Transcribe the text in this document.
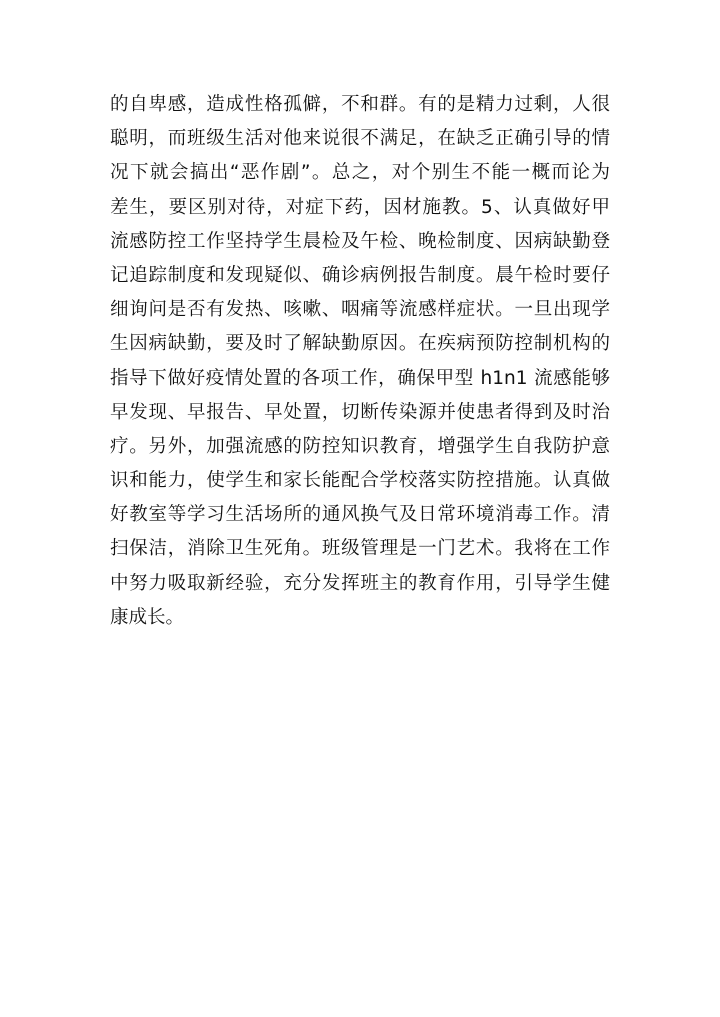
的自卑感，造成性格孤僻，不和群。有的是精力过剩，人很
聪明，而班级生活对他来说很不满足，在缺乏正确引导的情
况下就会搞出“恶作剧”。总之，对个别生不能一概而论为
差生，要区别对待，对症下药，因材施教。5、认真做好甲
流感防控工作坚持学生晨检及午检、晚检制度、因病缺勤登
记追踪制度和发现疑似、确诊病例报告制度。晨午检时要仔
细询问是否有发热、咳嗽、咽痛等流感样症状。一旦出现学
生因病缺勤，要及时了解缺勤原因。在疾病预防控制机构的
指导下做好疫情处置的各项工作，确保甲型 h1n1 流感能够
早发现、早报告、早处置，切断传染源并使患者得到及时治
疗。另外，加强流感的防控知识教育，增强学生自我防护意
识和能力，使学生和家长能配合学校落实防控措施。认真做
好教室等学习生活场所的通风换气及日常环境消毒工作。清
扫保洁，消除卫生死角。班级管理是一门艺术。我将在工作
中努力吸取新经验，充分发挥班主的教育作用，引导学生健
康成长。
